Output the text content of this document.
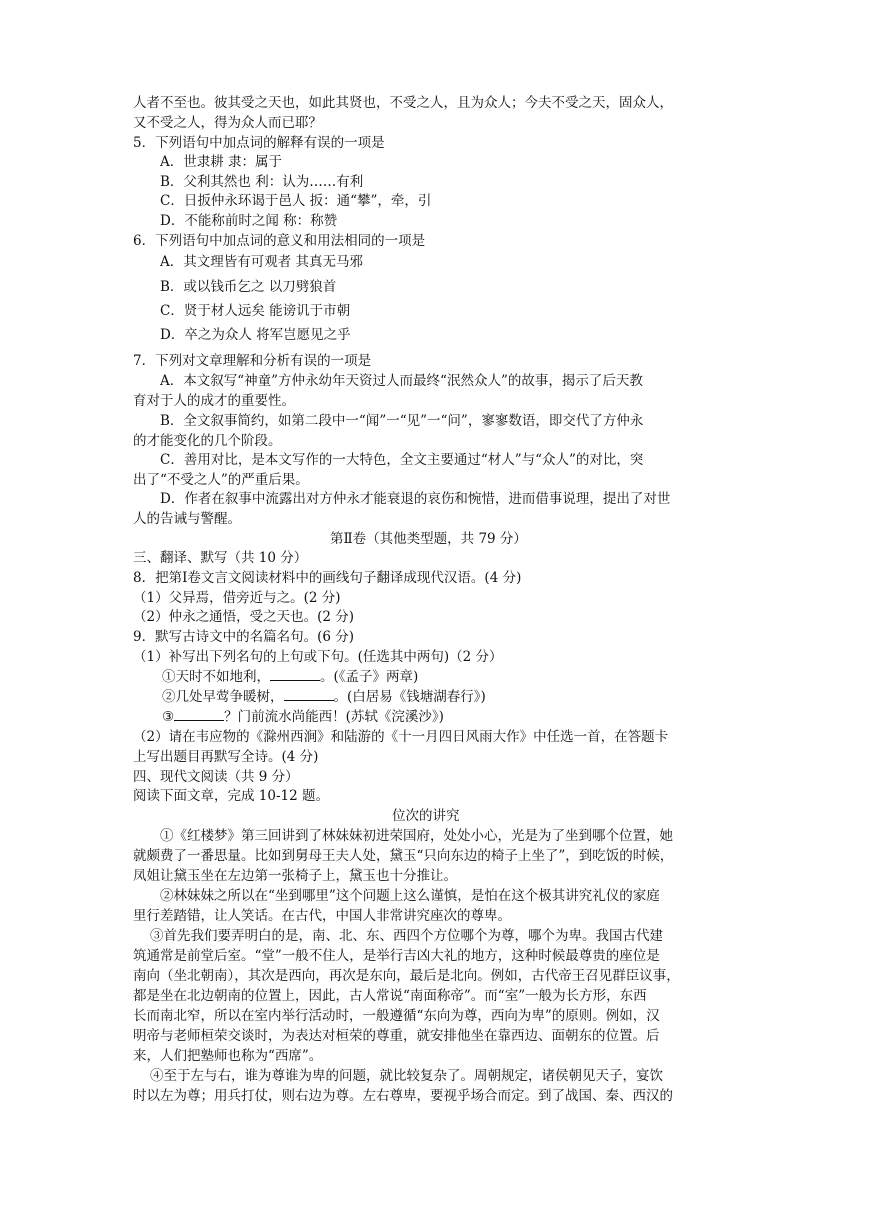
人者不至也。彼其受之天也，如此其贤也，不受之人，且为众人；今夫不受之天，固众人，
又不受之人，得为众人而已耶？
5．下列语句中加点词的解释有误的一项是
A．世隶耕 隶：属于
B．父利其然也 利：认为……有利
C．日扳仲永环谒于邑人 扳：通“攀”，牵，引
D．不能称前时之闻 称：称赞
6．下列语句中加点词的意义和用法相同的一项是
A．其文理皆有可观者 其真无马邪
B．或以钱币乞之 以刀劈狼首
C．贤于材人远矣 能谤讥于市朝
D．卒之为众人 将军岂愿见之乎
7．下列对文章理解和分析有误的一项是
A．本文叙写“神童”方仲永幼年天资过人而最终“泯然众人”的故事，揭示了后天教
育对于人的成才的重要性。
B．全文叙事简约，如第二段中一“闻”一“见”一“问”，寥寥数语，即交代了方仲永
的才能变化的几个阶段。
C．善用对比，是本文写作的一大特色，全文主要通过“材人”与“众人”的对比，突
出了“不受之人”的严重后果。
D．作者在叙事中流露出对方仲永才能衰退的哀伤和惋惜，进而借事说理，提出了对世
人的告诫与警醒。
第Ⅱ卷（其他类型题，共 79 分）
三、翻译、默写（共 10 分）
8．把第Ⅰ卷文言文阅读材料中的画线句子翻译成现代汉语。(4 分)
（1）父异焉，借旁近与之。(2 分)
（2）仲永之通悟，受之天也。(2 分)
9．默写古诗文中的名篇名句。(6 分)
（1）补写出下列名句的上句或下句。(任选其中两句)（2 分）
①天时不如地利，	。(《孟子》两章)
②几处早莺争暖树，	。(白居易《钱塘湖春行》)
③	？门前流水尚能西！(苏轼《浣溪沙》)
（2）请在韦应物的《滁州西涧》和陆游的《十一月四日风雨大作》中任选一首，在答题卡
上写出题目再默写全诗。(4 分)
四、现代文阅读（共 9 分）
阅读下面文章，完成 10-12 题。
位次的讲究
①《红楼梦》第三回讲到了林妹妹初进荣国府，处处小心，光是为了坐到哪个位置，她
就颇费了一番思量。比如到舅母王夫人处，黛玉“只向东边的椅子上坐了”，到吃饭的时候，
凤姐让黛玉坐在左边第一张椅子上，黛玉也十分推让。
②林妹妹之所以在“坐到哪里”这个问题上这么谨慎，是怕在这个极其讲究礼仪的家庭
里行差踏错，让人笑话。在古代，中国人非常讲究座次的尊卑。
③首先我们要弄明白的是，南、北、东、西四个方位哪个为尊，哪个为卑。我国古代建
筑通常是前堂后室。“堂”一般不住人，是举行吉凶大礼的地方，这种时候最尊贵的座位是
南向（坐北朝南），其次是西向，再次是东向，最后是北向。例如，古代帝王召见群臣议事，
都是坐在北边朝南的位置上，因此，古人常说“南面称帝”。而“室”一般为长方形，东西
长而南北窄，所以在室内举行活动时，一般遵循“东向为尊，西向为卑”的原则。例如，汉
明帝与老师桓荣交谈时，为表达对桓荣的尊重，就安排他坐在靠西边、面朝东的位置。后
来，人们把塾师也称为“西席”。
④至于左与右，谁为尊谁为卑的问题，就比较复杂了。周朝规定，诸侯朝见天子，宴饮
时以左为尊；用兵打仗，则右边为尊。左右尊卑，要视乎场合而定。到了战国、秦、西汉的
